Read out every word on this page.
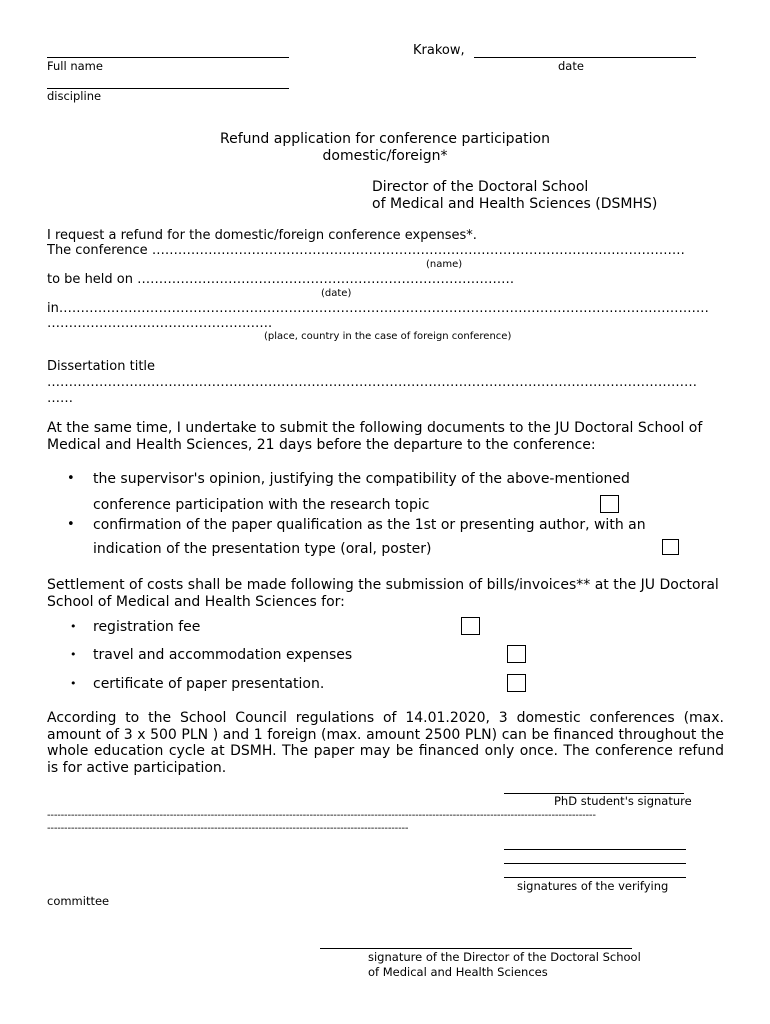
Full name
Krakow,
date
discipline
Refund application for conference participation
domestic/foreign*
Director of the Doctoral School
of Medical and Health Sciences (DSMHS)
I request a refund for the domestic/foreign conference expenses*.
The conference ……………………………………………………………………………………………………………
(name)
to be held on ……………………………………………………………………………
(date)
in……………………………………………………………………………………………………………………………………
…………………………………………….
(place, country in the case of foreign conference)
Dissertation title
……………………………………………………………………………………………………………………………………
……
At the same time, I undertake to submit the following documents to the JU Doctoral School of Medical and Health Sciences, 21 days before the departure to the conference:
• the supervisor's opinion, justifying the compatibility of the above-mentioned
conference participation with the research topic
• confirmation of the paper qualification as the 1st or presenting author, with an
indication of the presentation type (oral, poster)
Settlement of costs shall be made following the submission of bills/invoices** at the JU Doctoral School of Medical and Health Sciences for:
• registration fee
• travel and accommodation expenses
• certificate of paper presentation.
According to the School Council regulations of 14.01.2020, 3 domestic conferences (max. amount of 3 x 500 PLN ) and 1 foreign (max. amount 2500 PLN) can be financed throughout the whole education cycle at DSMH. The paper may be financed only once. The conference refund is for active participation.
PhD student's signature
-----------------------------------------------------------------------------------------------------------------------------------------------------------------
----------------------------------------------------------------------------------------------------------
signatures of the verifying
committee
signature of the Director of the Doctoral School
of Medical and Health Sciences
